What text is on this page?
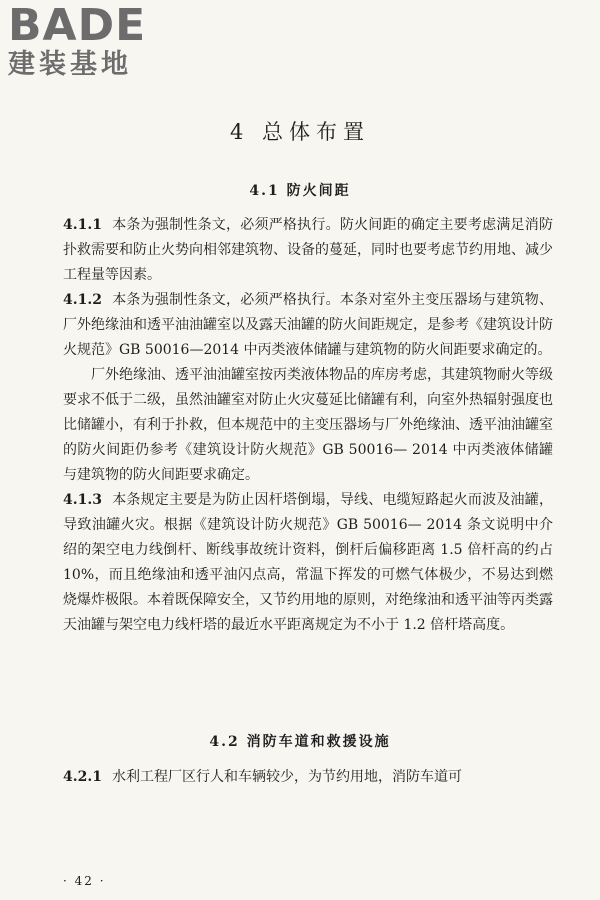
BADE
建装基地
4 总体布置
4.1 防火间距

4.1.1 本条为强制性条文，必须严格执行。防火间距的确定主要考虑满足消防扑救需要和防止火势向相邻建筑物、设备的蔓延，同时也要考虑节约用地、减少工程量等因素。

4.1.2 本条为强制性条文，必须严格执行。本条对室外主变压器场与建筑物、厂外绝缘油和透平油油罐室以及露天油罐的防火间距规定，是参考《建筑设计防火规范》GB 50016—2014 中丙类液体储罐与建筑物的防火间距要求确定的。

厂外绝缘油、透平油油罐室按丙类液体物品的库房考虑，其建筑物耐火等级要求不低于二级，虽然油罐室对防止火灾蔓延比储罐有利，向室外热辐射强度也比储罐小，有利于扑救，但本规范中的主变压器场与厂外绝缘油、透平油油罐室的防火间距仍参考《建筑设计防火规范》GB 50016— 2014 中丙类液体储罐与建筑物的防火间距要求确定。

4.1.3 本条规定主要是为防止因杆塔倒塌，导线、电缆短路起火而波及油罐，导致油罐火灾。根据《建筑设计防火规范》GB 50016— 2014 条文说明中介绍的架空电力线倒杆、断线事故统计资料，倒杆后偏移距离 1.5 倍杆高的约占 10%，而且绝缘油和透平油闪点高，常温下挥发的可燃气体极少，不易达到燃烧爆炸极限。本着既保障安全，又节约用地的原则，对绝缘油和透平油等丙类露天油罐与架空电力线杆塔的最近水平距离规定为不小于 1.2 倍杆塔高度。

4.2 消防车道和救援设施

4.2.1 水利工程厂区行人和车辆较少，为节约用地，消防车道可

· 42 ·
